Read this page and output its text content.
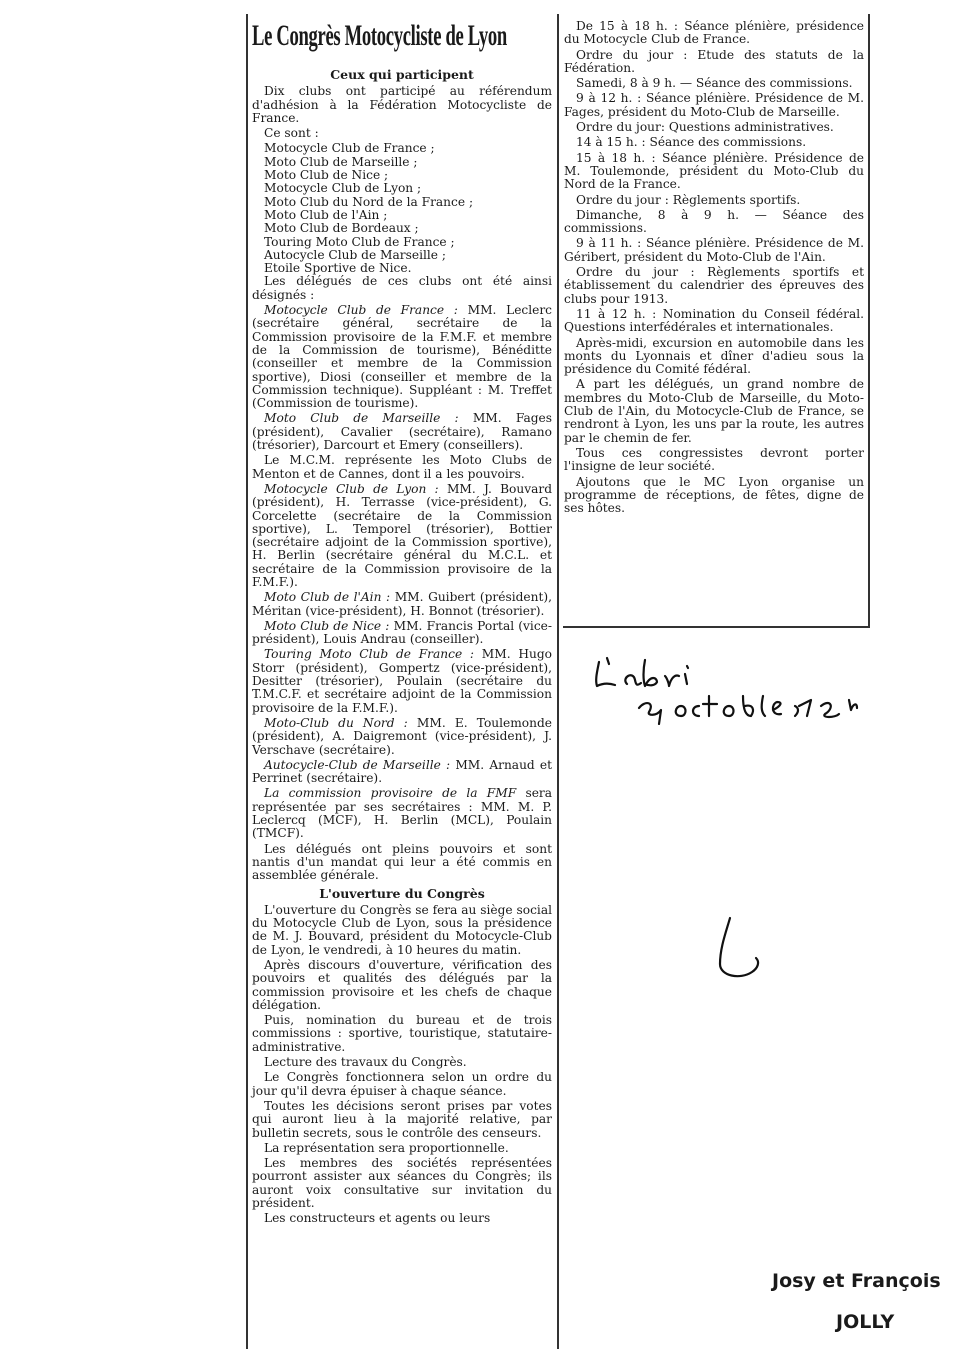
Le Congrès Motocycliste de Lyon
Ceux qui participent

Dix clubs ont participé au référendum d'adhésion à la Fédération Motocycliste de France.

Ce sont :

Motocycle Club de France ;

Moto Club de Marseille ;

Moto Club de Nice ;

Motocycle Club de Lyon ;

Moto Club du Nord de la France ;

Moto Club de l'Ain ;

Moto Club de Bordeaux ;

Touring Moto Club de France ;

Autocycle Club de Marseille ;

Etoile Sportive de Nice.

Les délégués de ces clubs ont été ainsi désignés :

Motocycle Club de France : MM. Leclerc (secrétaire général, secrétaire de la Commission provisoire de la F.M.F. et membre de la Commission de tourisme), Bénéditte (conseiller et membre de la Commission sportive), Diosi (conseiller et membre de la Commission technique). Suppléant : M. Treffet (Commission de tourisme).

Moto Club de Marseille : MM. Fages (président), Cavalier (secrétaire), Ramano (trésorier), Darcourt et Emery (conseillers).

Le M.C.M. représente les Moto Clubs de Menton et de Cannes, dont il a les pouvoirs.

Motocycle Club de Lyon : MM. J. Bouvard (président), H. Terrasse (vice-président), G. Corcelette (secrétaire de la Commission sportive), L. Temporel (trésorier), Bottier (secrétaire adjoint de la Commission sportive), H. Berlin (secrétaire général du M.C.L. et secrétaire de la Commission provisoire de la F.M.F.).

Moto Club de l'Ain : MM. Guibert (président), Méritan (vice-président), H. Bonnot (trésorier).

Moto Club de Nice : MM. Francis Portal (vice-président), Louis Andrau (conseiller).

Touring Moto Club de France : MM. Hugo Storr (président), Gompertz (vice-président), Desitter (trésorier), Poulain (secrétaire du T.M.C.F. et secrétaire adjoint de la Commission provisoire de la F.M.F.).

Moto-Club du Nord : MM. E. Toulemonde (président), A. Daigremont (vice-président), J. Verschave (secrétaire).

Autocycle-Club de Marseille : MM. Arnaud et Perrinet (secrétaire).

La commission provisoire de la FMF sera représentée par ses secrétaires : MM. M. P. Leclercq (MCF), H. Berlin (MCL), Poulain (TMCF).

Les délégués ont pleins pouvoirs et sont nantis d'un mandat qui leur a été commis en assemblée générale.

L'ouverture du Congrès

L'ouverture du Congrès se fera au siège social du Motocycle Club de Lyon, sous la présidence de M. J. Bouvard, président du Motocycle-Club de Lyon, le vendredi, à 10 heures du matin.

Après discours d'ouverture, vérification des pouvoirs et qualités des délégués par la commission provisoire et les chefs de chaque délégation.

Puis, nomination du bureau et de trois commissions : sportive, touristique, statutaire-administrative.

Lecture des travaux du Congrès.

Le Congrès fonctionnera selon un ordre du jour qu'il devra épuiser à chaque séance.

Toutes les décisions seront prises par votes qui auront lieu à la majorité relative, par bulletin secrets, sous le contrôle des censeurs.

La représentation sera proportionnelle.

Les membres des sociétés représentées pourront assister aux séances du Congrès; ils auront voix consultative sur invitation du président.

Les constructeurs et agents ou leurs

De 15 à 18 h. : Séance plénière, présidence du Motocycle Club de France.

Ordre du jour : Etude des statuts de la Fédération.

Samedi, 8 à 9 h. — Séance des commissions.

9 à 12 h. : Séance plénière. Présidence de M. Fages, président du Moto-Club de Marseille.

Ordre du jour: Questions administratives.

14 à 15 h. : Séance des commissions.

15 à 18 h. : Séance plénière. Présidence de M. Toulemonde, président du Moto-Club du Nord de la France.

Ordre du jour : Règlements sportifs.

Dimanche, 8 à 9 h. — Séance des commissions.

9 à 11 h. : Séance plénière. Présidence de M. Géribert, président du Moto-Club de l'Ain.

Ordre du jour : Règlements sportifs et établissement du calendrier des épreuves des clubs pour 1913.

11 à 12 h. : Nomination du Conseil fédéral. Questions interfédérales et internationales.

Après-midi, excursion en automobile dans les monts du Lyonnais et dîner d'adieu sous la présidence du Comité fédéral.

A part les délégués, un grand nombre de membres du Moto-Club de Marseille, du Moto-Club de l'Ain, du Motocycle-Club de France, se rendront à Lyon, les uns par la route, les autres par le chemin de fer.

Tous ces congressistes devront porter l'insigne de leur société.

Ajoutons que le MC Lyon organise un programme de réceptions, de fêtes, digne de ses hôtes.

Josy et François
JOLLY
